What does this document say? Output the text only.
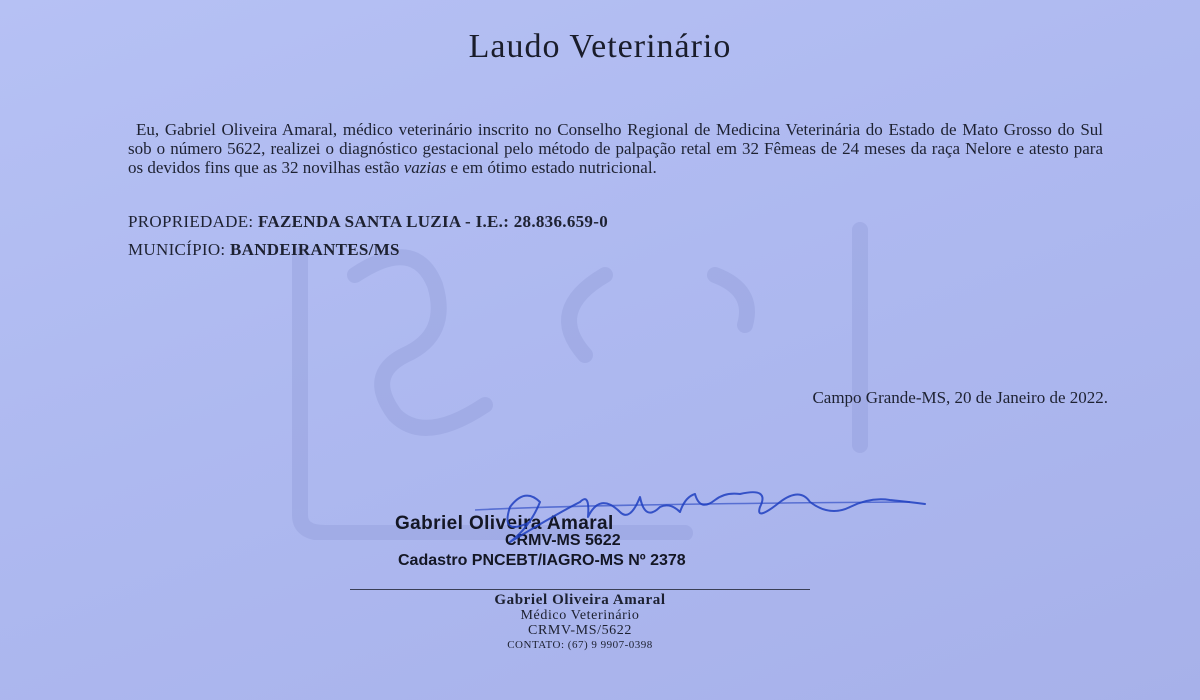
Laudo Veterinário
Eu, Gabriel Oliveira Amaral, médico veterinário inscrito no Conselho Regional de Medicina Veterinária do Estado de Mato Grosso do Sul sob o número 5622, realizei o diagnóstico gestacional pelo método de palpação retal em 32 Fêmeas de 24 meses da raça Nelore e atesto para os devidos fins que as 32 novilhas estão vazias e em ótimo estado nutricional.
PROPRIEDADE: FAZENDA SANTA LUZIA - I.E.: 28.836.659-0
MUNICÍPIO: BANDEIRANTES/MS
Campo Grande-MS, 20 de Janeiro de 2022.
Gabriel Oliveira Amaral
CRMV-MS 5622
Cadastro PNCEBT/IAGRO-MS Nº 2378
Gabriel Oliveira Amaral
Médico Veterinário
CRMV-MS/5622
CONTATO: (67) 9 9907-0398
